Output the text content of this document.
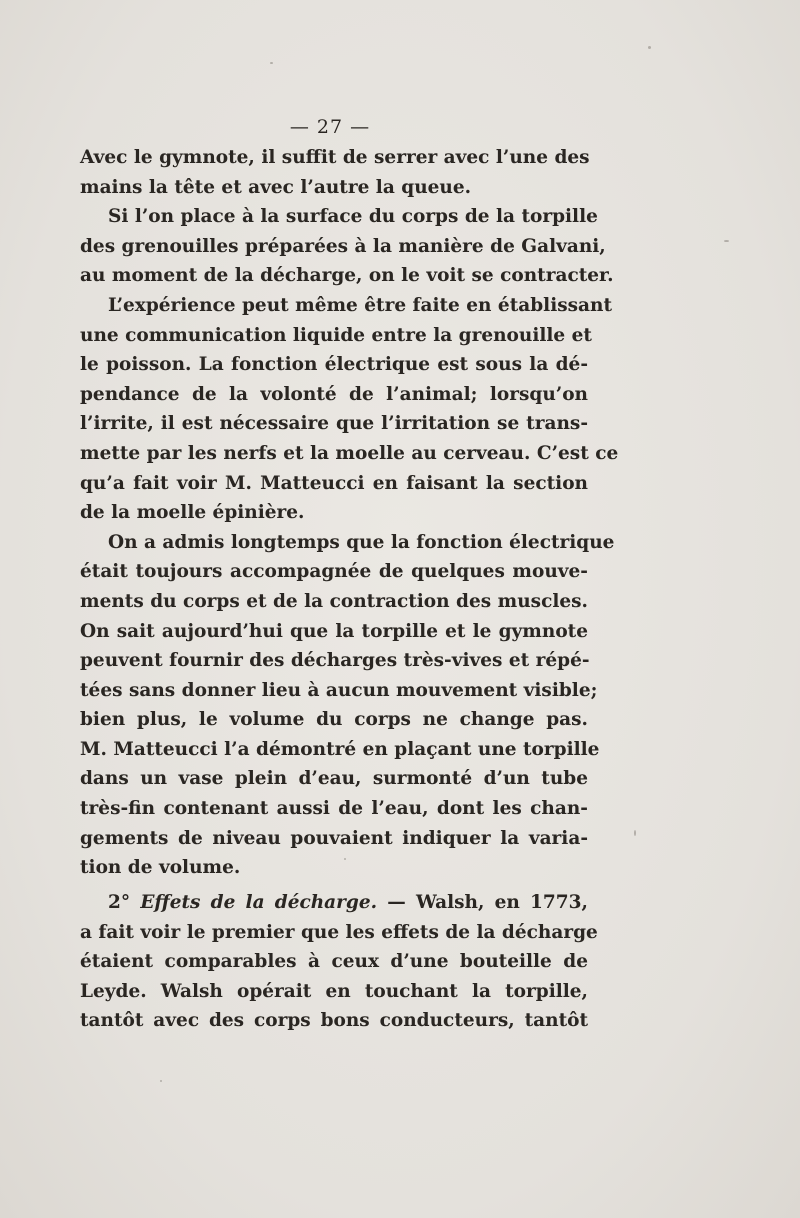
— 27 —

Avec le gymnote, il suffit de serrer avec l’une des
mains la tête et avec l’autre la queue.

Si l’on place à la surface du corps de la torpille
des grenouilles préparées à la manière de Galvani,
au moment de la décharge, on le voit se contracter.

L’expérience peut même être faite en établissant
une communication liquide entre la grenouille et
le poisson. La fonction électrique est sous la dé-
pendance de la volonté de l’animal; lorsqu’on
l’irrite, il est nécessaire que l’irritation se trans-
mette par les nerfs et la moelle au cerveau. C’est ce
qu’a fait voir M. Matteucci en faisant la section
de la moelle épinière.

On a admis longtemps que la fonction électrique
était toujours accompagnée de quelques mouve-
ments du corps et de la contraction des muscles.
On sait aujourd’hui que la torpille et le gymnote
peuvent fournir des décharges très-vives et répé-
tées sans donner lieu à aucun mouvement visible;
bien plus, le volume du corps ne change pas.
M. Matteucci l’a démontré en plaçant une torpille
dans un vase plein d’eau, surmonté d’un tube
très-fin contenant aussi de l’eau, dont les chan-
gements de niveau pouvaient indiquer la varia-
tion de volume.

2° Effets de la décharge. — Walsh, en 1773,
a fait voir le premier que les effets de la décharge
étaient comparables à ceux d’une bouteille de
Leyde. Walsh opérait en touchant la torpille,
tantôt avec des corps bons conducteurs, tantôt
